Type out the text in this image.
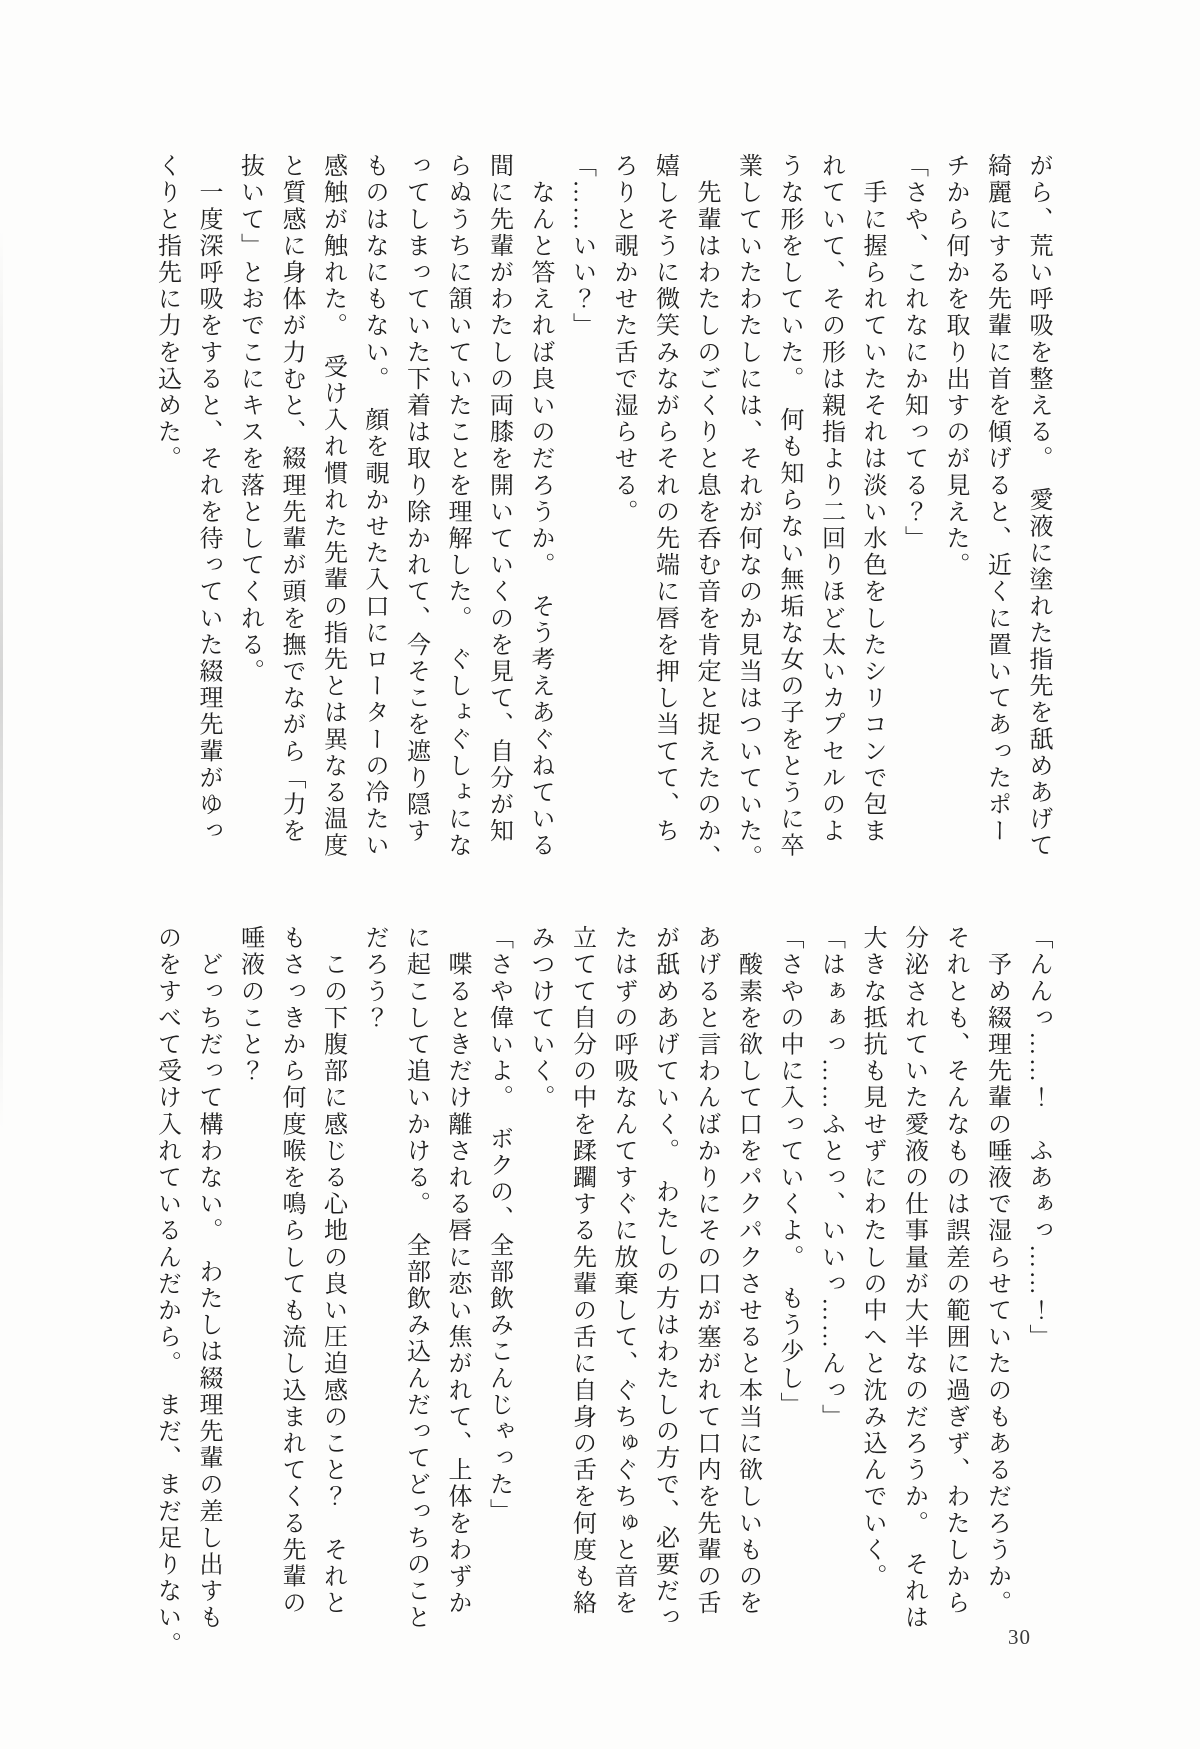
がら、荒い呼吸を整える。　愛液に塗れた指先を舐めあげて

綺麗にする先輩に首を傾げると、近くに置いてあったポー

チから何かを取り出すのが見えた。

「さや、これなにか知ってる？」

　手に握られていたそれは淡い水色をしたシリコンで包ま

れていて、その形は親指より二回りほど太いカプセルのよ

うな形をしていた。　何も知らない無垢な女の子をとうに卒

業していたわたしには、それが何なのか見当はついていた。

　先輩はわたしのごくりと息を呑む音を肯定と捉えたのか、

嬉しそうに微笑みながらそれの先端に唇を押し当てて、ち

ろりと覗かせた舌で湿らせる。

「……いい？」

　なんと答えれば良いのだろうか。　そう考えあぐねている

間に先輩がわたしの両膝を開いていくのを見て、自分が知

らぬうちに頷いていたことを理解した。　ぐしょぐしょにな

ってしまっていた下着は取り除かれて、今そこを遮り隠す

ものはなにもない。　顔を覗かせた入口にローターの冷たい

感触が触れた。　受け入れ慣れた先輩の指先とは異なる温度

と質感に身体が力むと、綴理先輩が頭を撫でながら「力を

抜いて」とおでこにキスを落としてくれる。

　一度深呼吸をすると、それを待っていた綴理先輩がゆっ

くりと指先に力を込めた。

「んんっ……！　ふあぁっ……！」

　予め綴理先輩の唾液で湿らせていたのもあるだろうか。

それとも、そんなものは誤差の範囲に過ぎず、わたしから

分泌されていた愛液の仕事量が大半なのだろうか。　それは

大きな抵抗も見せずにわたしの中へと沈み込んでいく。

「はぁぁっ……ふとっ、いいっ……んっ」

「さやの中に入っていくよ。　もう少し」

　酸素を欲して口をパクパクさせると本当に欲しいものを

あげると言わんばかりにその口が塞がれて口内を先輩の舌

が舐めあげていく。　わたしの方はわたしの方で、必要だっ

たはずの呼吸なんてすぐに放棄して、ぐちゅぐちゅと音を

立てて自分の中を蹂躙する先輩の舌に自身の舌を何度も絡

みつけていく。

「さや偉いよ。　ボクの、全部飲みこんじゃった」

　喋るときだけ離される唇に恋い焦がれて、上体をわずか

に起こして追いかける。　全部飲み込んだってどっちのこと

だろう？

　この下腹部に感じる心地の良い圧迫感のこと？　それと

もさっきから何度喉を鳴らしても流し込まれてくる先輩の

唾液のこと？

　どっちだって構わない。　わたしは綴理先輩の差し出すも

のをすべて受け入れているんだから。　まだ、まだ足りない。	30
